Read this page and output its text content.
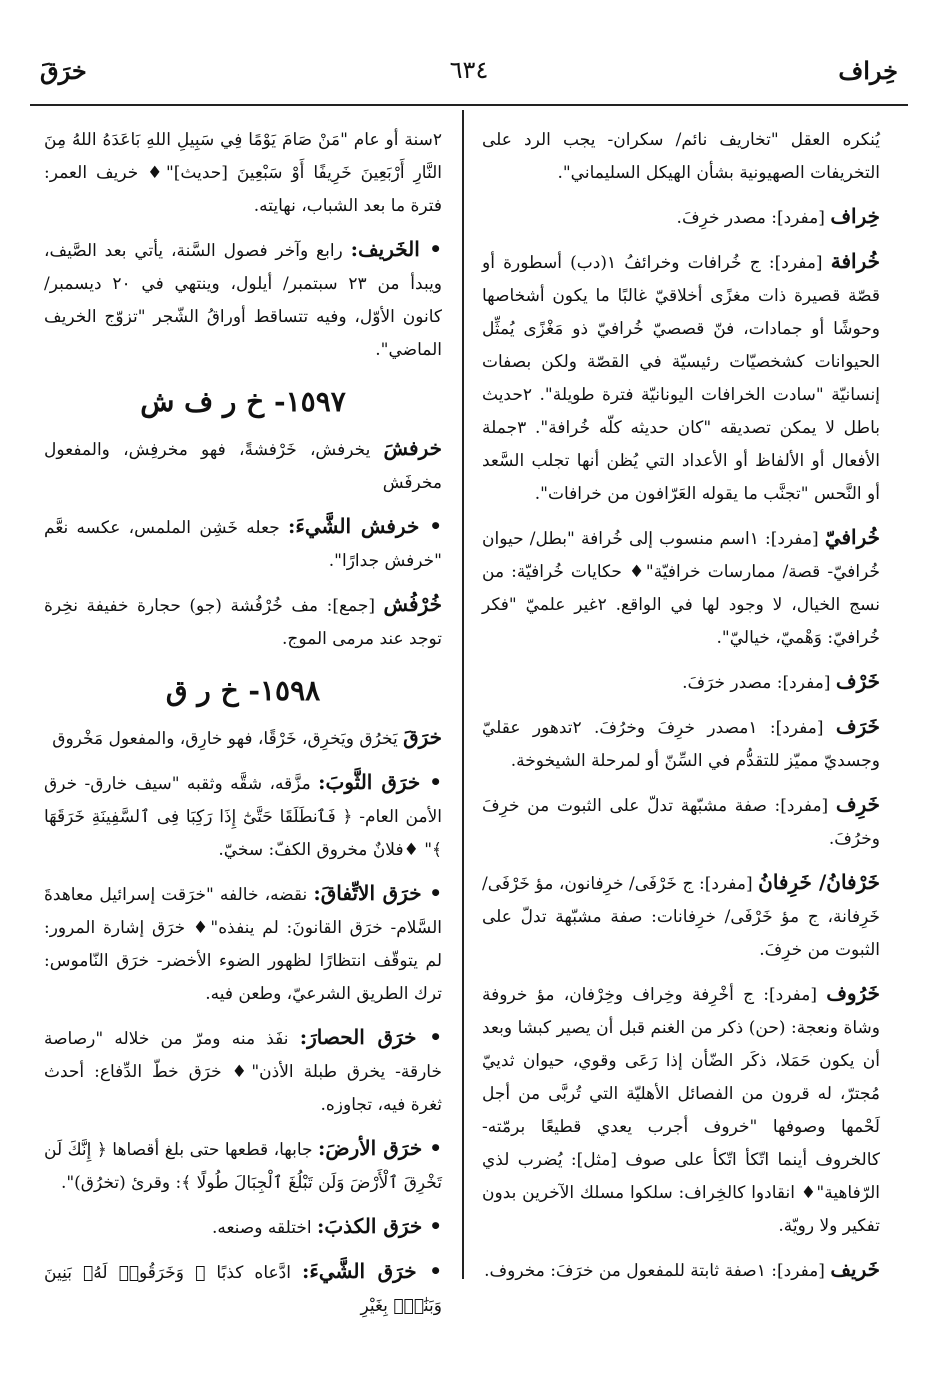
خِراف
٦٣٤
خرَقَ

يُنكره العقل "تخاريف نائم/ سكران- يجب الرد على التخريفات الصهيونية بشأن الهيكل السليماني".

خِراف [مفرد]: مصدر خرِفَ.

خُرافة [مفرد]: ج خُرافات وخرائفُ ١(دب) أسطورة أو قصّة قصيرة ذات مغزًى أخلاقيّ غالبًا ما يكون أشخاصها وحوشًا أو جمادات، فنّ قصصيّ خُرافيّ ذو مَغْزًى يُمثِّل الحيوانات كشخصيّات رئيسيّة في القصّة ولكن بصفات إنسانيّة "سادت الخرافات اليونانيّة فترة طويلة". ٢حديث باطل لا يمكن تصديقه "كان حديثه كلّه خُرافة". ٣جملة الأفعال أو الألفاظ أو الأعداد التي يُظن أنها تجلب السَّعد أو النَّحس "تجنَّب ما يقوله العَرّافون من خرافات".

خُرافيّ [مفرد]: ١اسم منسوب إلى خُرافة "بطل/ حيوان خُرافيّ- قصة/ ممارسات خرافيّة"♦ حكايات خُرافيّة: من نسج الخيال، لا وجود لها في الواقع. ٢غير علميّ "فكر خُرافيّ: وَهْميّ، خياليّ".

خَرْف [مفرد]: مصدر خرَفَ.

خَرَف [مفرد]: ١مصدر خرِفَ وخرُفَ. ٢تدهور عقليّ وجسديّ مميّز للتقدُّم في السِّنّ أو لمرحلة الشيخوخة.

خَرِف [مفرد]: صفة مشبّهة تدلّ على الثبوت من خرِفَ وخرُفَ.

خَرْفانُ/ خَرِفانُ [مفرد]: ج خَرْفَى/ خرِفانون، مؤ خَرْفَى/ خَرِفانة، ج مؤ خَرْفَى/ خرِفانات: صفة مشبّهة تدلّ على الثبوت من خرِفَ.

خَرُوف [مفرد]: ج أخْرِفة وخِراف وخِرْفان، مؤ خروفة وشاة ونعجة: (حن) ذكر من الغنم قبل أن يصير كبشا وبعد أن يكون حَمَلا، ذكَر الضّأن إذا رَعَى وقوي، حيوان ثدييّ مُجترّ، له قرون من الفصائل الأهليّة التي تُربَّى من أجل لَحْمها وصوفها "خروف أجرب يعدي قطيعًا برمّته- كالخروف أينما اتّكأ اتّكأ على صوف [مثل]: يُضرب لذي الرّفاهية"♦ انقادوا كالخِراف: سلكوا مسلك الآخرين بدون تفكير ولا رويّة.

خَريف [مفرد]: ١صفة ثابتة للمفعول من خرَفَ: مخروف.

٢سنة أو عام "مَنْ صَامَ يَوْمًا فِي سَبِيلِ اللهِ بَاعَدَهُ اللهُ مِنَ النَّارِ أَرْبَعِينَ خَرِيفًا أَوْ سَبْعِينَ [حديث]"♦ خريف العمر: فترة ما بعد الشباب، نهايته.

• الخَريف: رابع وآخر فصول السَّنة، يأتي بعد الصَّيف، ويبدأ من ٢٣ سبتمبر/ أيلول، وينتهي في ٢٠ ديسمبر/ كانون الأوّل، وفيه تتساقط أوراقُ الشّجر "تزوّج الخريف الماضي".

١٥٩٧- خ ر ف ش

خرفشَ يخرفش، خَرْفشةً، فهو مخرفِش، والمفعول مخرفَش

• خرفش الشَّيءَ: جعله خَشِن الملمس، عكسه نعَّم "خرفش جدارًا".

خُرْفُش [جمع]: مف خُرْفُشة (جو) حجارة خفيفة نخِرة توجد عند مرمى الموج.

١٥٩٨- خ ر ق

خرَقَ يَخرُق ويَخرِق، خَرْقًا، فهو خارِق، والمفعول مَخْروق

• خرَق الثَّوبَ: مزَّقه، شقَّه وثقبه "سيف خارق- خرق الأمن العام- ﴿ فَٱنطَلَقَا حَتَّىٰٓ إِذَا رَكِبَا فِى ٱلسَّفِينَةِ خَرَقَهَا ﴾" ♦فلانٌ مخروق الكفّ: سخيّ.

• خرَق الاتِّفاقَ: نقضه، خالفه "خرَقت إسرائيل معاهدةَ السَّلام- خرَق القانونَ: لم ينفذه"♦ خرَق إشارة المرور: لم يتوقّف انتظارًا لظهور الضوء الأخضر- خرَق النّاموس: ترك الطريق الشرعيّ، وطعن فيه.

• خرَق الحصارَ: نفَذ منه ومرّ من خلاله "رصاصة خارقة- يخرق طبلة الأذن"♦ خرَق خطّ الدِّفاع: أحدث ثغرة فيه، تجاوزه.

• خرَق الأرضَ: جابها، قطعها حتى بلغ أقصاها ﴿ إِنَّكَ لَن تَخْرِقَ ٱلْأَرْضَ وَلَن تَبْلُغَ ٱلْجِبَالَ طُولًا ﴾: وقرئ (تخرُق)".

• خرَق الكذبَ: اختلقه وصنعه.

• خرَق الشَّيءَ: ادَّعاه كذبًا ﴿ وَخَرَقُوا۟ لَهُۥ بَنِينَ وَبَنَٰتٍۭ بِغَيْرِ
